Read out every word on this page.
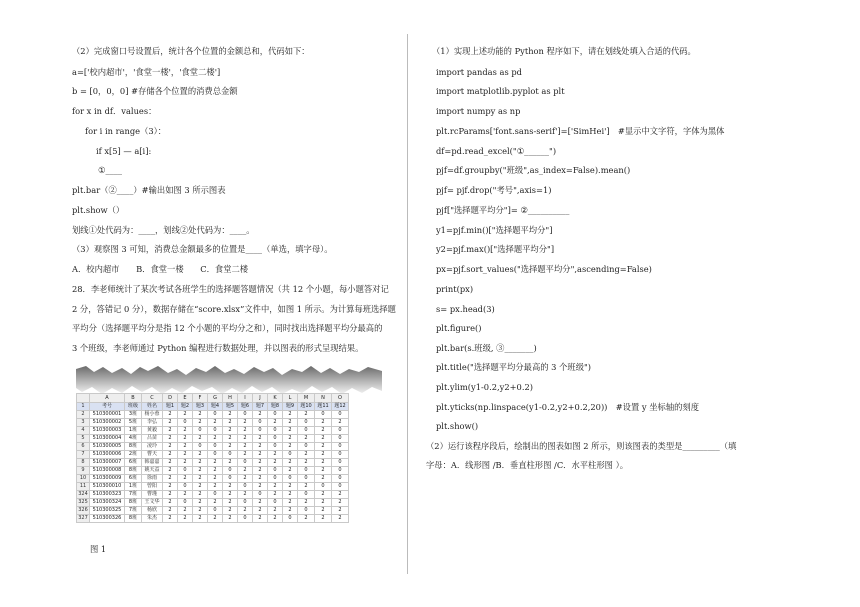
（2）完成窗口号设置后，统计各个位置的金额总和，代码如下：
a=['校内超市'，'食堂一楼'，'食堂二楼']
b = [0，0，0] #存储各个位置的消费总金额
for x in df．values：
for i in range（3）：
if x[5] — a[i]:
①____
plt.bar（②____）#输出如图 3 所示图表
plt.show（）
划线①处代码为：____，划线②处代码为：____。
（3）观察图 3 可知，消费总金额最多的位置是____（单选，填字母）。
A．校内超市　　B．食堂一楼　　C．食堂二楼
28．李老师统计了某次考试各班学生的选择题答题情况（共 12 个小题，每小题答对记
2 分，答错记 0 分），数据存储在“score.xlsx”文件中，如图 1 所示。为计算每班选择题
平均分（选择题平均分是指 12 个小题的平均分之和），同时找出选择题平均分最高的
3 个班级，李老师通过 Python 编程进行数据处理，并以图表的形式呈现结果。
	A	B	C	D	E	F	G	H	I	J	K	L	M	N	O
1	考号	班级	姓名	题1	题2	题3	题4	题5	题6	题7	题8	题9	题10	题11	题12
2	510300001	3班	杨小蓉	2	2	2	0	2	0	2	0	2	2	0	0
3	510300002	5班	李弘	2	0	2	2	2	2	0	2	2	0	2	2
4	510300003	1班	黄毅	2	2	0	0	2	2	0	0	2	0	2	0
5	510300004	4班	吕苗	2	2	2	2	2	2	2	0	2	2	2	0
6	510300005	8班	凌玲	2	2	0	0	2	2	2	0	2	0	2	0
7	510300006	2班	曹天	2	2	2	0	0	2	2	2	0	2	2	0
8	510300007	6班	韩嘉嘉	2	2	2	2	2	0	2	2	2	2	2	0
9	510300008	8班	姚天益	2	0	2	2	0	2	2	0	2	0	2	0
10	510300009	6班	徐雨	2	2	2	2	0	2	2	0	0	0	2	0
11	510300010	1班	曾阳	2	0	2	2	2	0	2	2	2	2	0	0
324	510300323	7班	曹瑾	2	2	2	0	2	2	0	2	2	0	2	2
325	510300324	8班	王文华	2	0	2	2	2	0	2	0	2	2	2	2
326	510300325	7班	杨欣	2	2	2	0	2	2	2	2	2	0	2	2
327	510300326	8班	朱杰	2	2	2	2	2	0	2	2	0	2	2	2
图 1
（1）实现上述功能的 Python 程序如下，请在划线处填入合适的代码。
import pandas as pd
import matplotlib.pyplot as plt
import numpy as np
plt.rcParams['font.sans-serif']=['SimHei']　#显示中文字符，字体为黑体
df=pd.read_excel("①______")
pjf=df.groupby("班级",as_index=False).mean()
pjf= pjf.drop("考号",axis=1)
pjf["选择题平均分"]= ②__________
y1=pjf.min()["选择题平均分"]
y2=pjf.max()["选择题平均分"]
px=pjf.sort_values("选择题平均分",ascending=False)
print(px)
s= px.head(3)
plt.figure()
plt.bar(s.班级, ③_______)
plt.title("选择题平均分最高的 3 个班级")
plt.ylim(y1-0.2,y2+0.2)
plt.yticks(np.linspace(y1-0.2,y2+0.2,20))　#设置 y 坐标轴的刻度
plt.show()
（2）运行该程序段后，绘制出的图表如图 2 所示，则该图表的类型是_________（填
字母：A．线形图 /B．垂直柱形图 /C．水平柱形图 ）。
